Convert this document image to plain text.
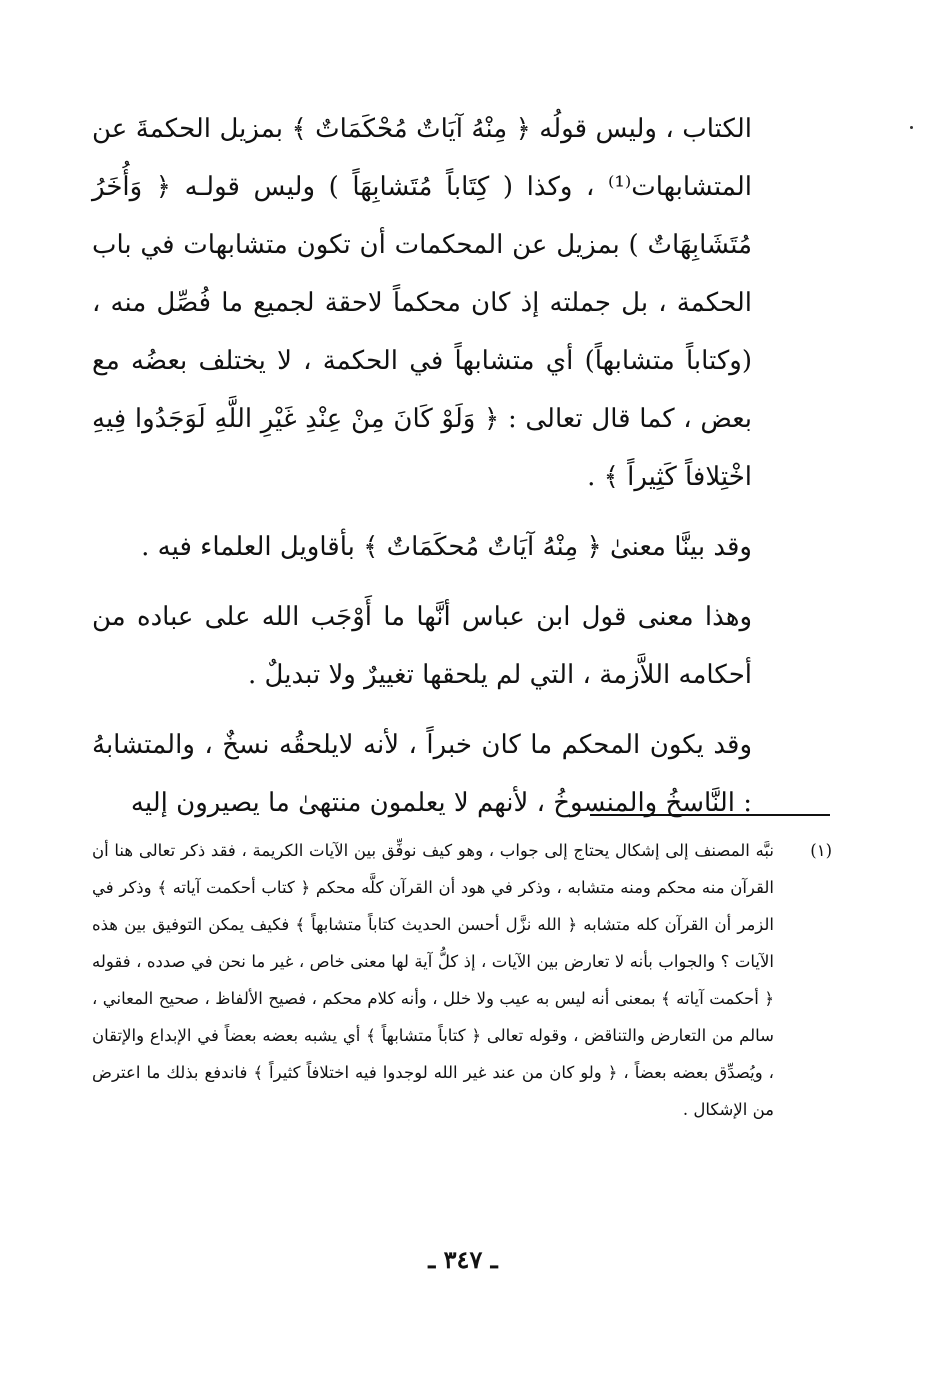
الكتاب ، وليس قولُه ﴿ مِنْهُ آيَاتٌ مُحْكَمَاتٌ ﴾ بمزيل الحكمةَ عن المتشابهات⁽¹⁾ ، وكذا ( كِتَاباً مُتَشابِهَاً ) وليس قولـه ﴿ وَأُخَرُ مُتَشَابِهَاتٌ ) بمزيل عن المحكمات أن تكون متشابهات في باب الحكمة ، بل جملته إذ كان محكماً لاحقة لجميع ما فُصِّل منه ،(وكتاباً متشابهاً) أي متشابهاً في الحكمة ، لا يختلف بعضُه مع بعض ، كما قال تعالى : ﴿ وَلَوْ كَانَ مِنْ عِنْدِ غَيْرِ اللَّهِ لَوَجَدُوا فِيهِ اخْتِلافاً كَثِيراً ﴾ .

وقد بينَّا معنىٰ ﴿ مِنْهُ آيَاتٌ مُحكَمَاتٌ ﴾ بأقاويل العلماء فيه .

وهذا معنى قول ابن عباس أنَّها ما أَوْجَب الله على عباده من أحكامه اللاَّزمة ، التي لم يلحقها تغييرٌ ولا تبديلٌ .

وقد يكون المحكم ما كان خبراً ، لأنه لايلحقُه نسخٌ ، والمتشابهُ : النَّاسخُ والمنسوخُ ، لأنهم لا يعلمون منتهىٰ ما يصيرون إليه

(١)
نبَّه المصنف إلى إشكال يحتاج إلى جواب ، وهو كيف نوفِّق بين الآيات الكريمة ، فقد ذكر تعالى هنا أن القرآن منه محكم ومنه متشابه ، وذكر في هود أن القرآن كلَّه محكم ﴿ كتاب أحكمت آياته ﴾ وذكر في الزمر أن القرآن كله متشابه ﴿ الله نزَّل أحسن الحديث كتاباً متشابهاً ﴾ فكيف يمكن التوفيق بين هذه الآيات ؟ والجواب بأنه لا تعارض بين الآيات ، إذ كلُّ آية لها معنى خاص ، غير ما نحن في صدده ، فقوله ﴿ أحكمت آياته ﴾ بمعنى أنه ليس به عيب ولا خلل ، وأنه كلام محكم ، فصيح الألفاظ ، صحيح المعاني ، سالم من التعارض والتناقض ، وقوله تعالى ﴿ كتاباً متشابهاً ﴾ أي يشبه بعضه بعضاً في الإبداع والإتقان ، ويُصدِّق بعضه بعضاً ، ﴿ ولو كان من عند غير الله لوجدوا فيه اختلافاً كثيراً ﴾ فاندفع بذلك ما اعترض من الإشكال .
ـ ٣٤٧ ـ
